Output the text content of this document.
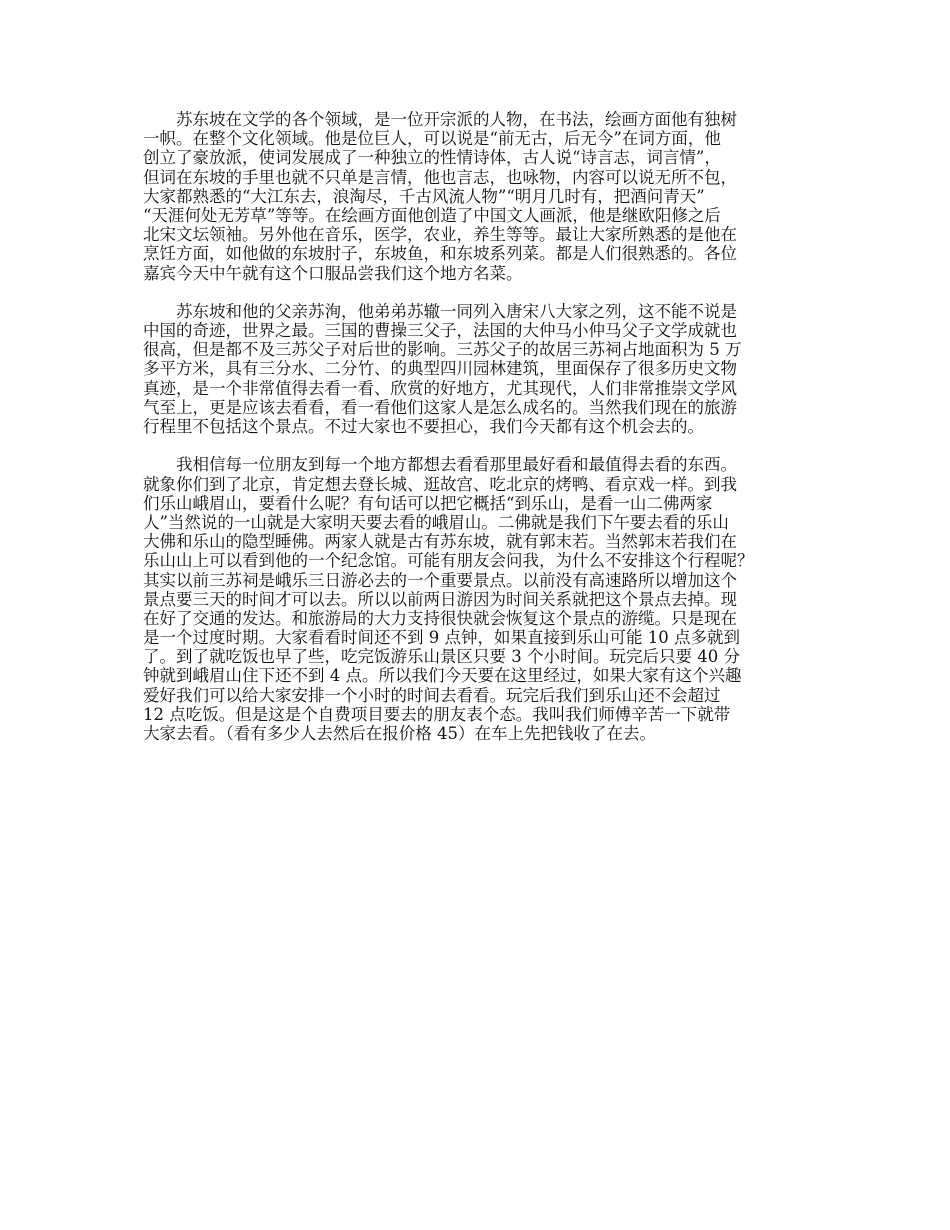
苏东坡在文学的各个领域，是一位开宗派的人物，在书法，绘画方面他有独树
一帜。在整个文化领域。他是位巨人，可以说是“前无古，后无今”在词方面，他
创立了豪放派，使词发展成了一种独立的性情诗体，古人说“诗言志，词言情”，
但词在东坡的手里也就不只单是言情，他也言志，也咏物，内容可以说无所不包，
大家都熟悉的“大江东去，浪淘尽，千古风流人物”“明月几时有，把酒问青天”
“天涯何处无芳草”等等。在绘画方面他创造了中国文人画派，他是继欧阳修之后
北宋文坛领袖。另外他在音乐，医学，农业，养生等等。最让大家所熟悉的是他在
烹饪方面，如他做的东坡肘子，东坡鱼，和东坡系列菜。都是人们很熟悉的。各位
嘉宾今天中午就有这个口服品尝我们这个地方名菜。

苏东坡和他的父亲苏洵，他弟弟苏辙一同列入唐宋八大家之列，这不能不说是
中国的奇迹，世界之最。三国的曹操三父子，法国的大仲马小仲马父子文学成就也
很高，但是都不及三苏父子对后世的影响。三苏父子的故居三苏祠占地面积为 5 万
多平方米，具有三分水、二分竹、的典型四川园林建筑，里面保存了很多历史文物
真迹，是一个非常值得去看一看、欣赏的好地方，尤其现代，人们非常推崇文学风
气至上，更是应该去看看，看一看他们这家人是怎么成名的。当然我们现在的旅游
行程里不包括这个景点。不过大家也不要担心，我们今天都有这个机会去的。

我相信每一位朋友到每一个地方都想去看看那里最好看和最值得去看的东西。
就象你们到了北京，肯定想去登长城、逛故宫、吃北京的烤鸭、看京戏一样。到我
们乐山峨眉山，要看什么呢？有句话可以把它概括“到乐山，是看一山二佛两家
人”当然说的一山就是大家明天要去看的峨眉山。二佛就是我们下午要去看的乐山
大佛和乐山的隐型睡佛。两家人就是古有苏东坡，就有郭末若。当然郭末若我们在
乐山山上可以看到他的一个纪念馆。可能有朋友会问我，为什么不安排这个行程呢？
其实以前三苏祠是峨乐三日游必去的一个重要景点。以前没有高速路所以增加这个
景点要三天的时间才可以去。所以以前两日游因为时间关系就把这个景点去掉。现
在好了交通的发达。和旅游局的大力支持很快就会恢复这个景点的游缆。只是现在
是一个过度时期。大家看看时间还不到 9 点钟，如果直接到乐山可能 10 点多就到
了。到了就吃饭也早了些，吃完饭游乐山景区只要 3 个小时间。玩完后只要 40 分
钟就到峨眉山住下还不到 4 点。所以我们今天要在这里经过，如果大家有这个兴趣
爱好我们可以给大家安排一个小时的时间去看看。玩完后我们到乐山还不会超过
12 点吃饭。但是这是个自费项目要去的朋友表个态。我叫我们师傅辛苦一下就带
大家去看。（看有多少人去然后在报价格 45）在车上先把钱收了在去。
